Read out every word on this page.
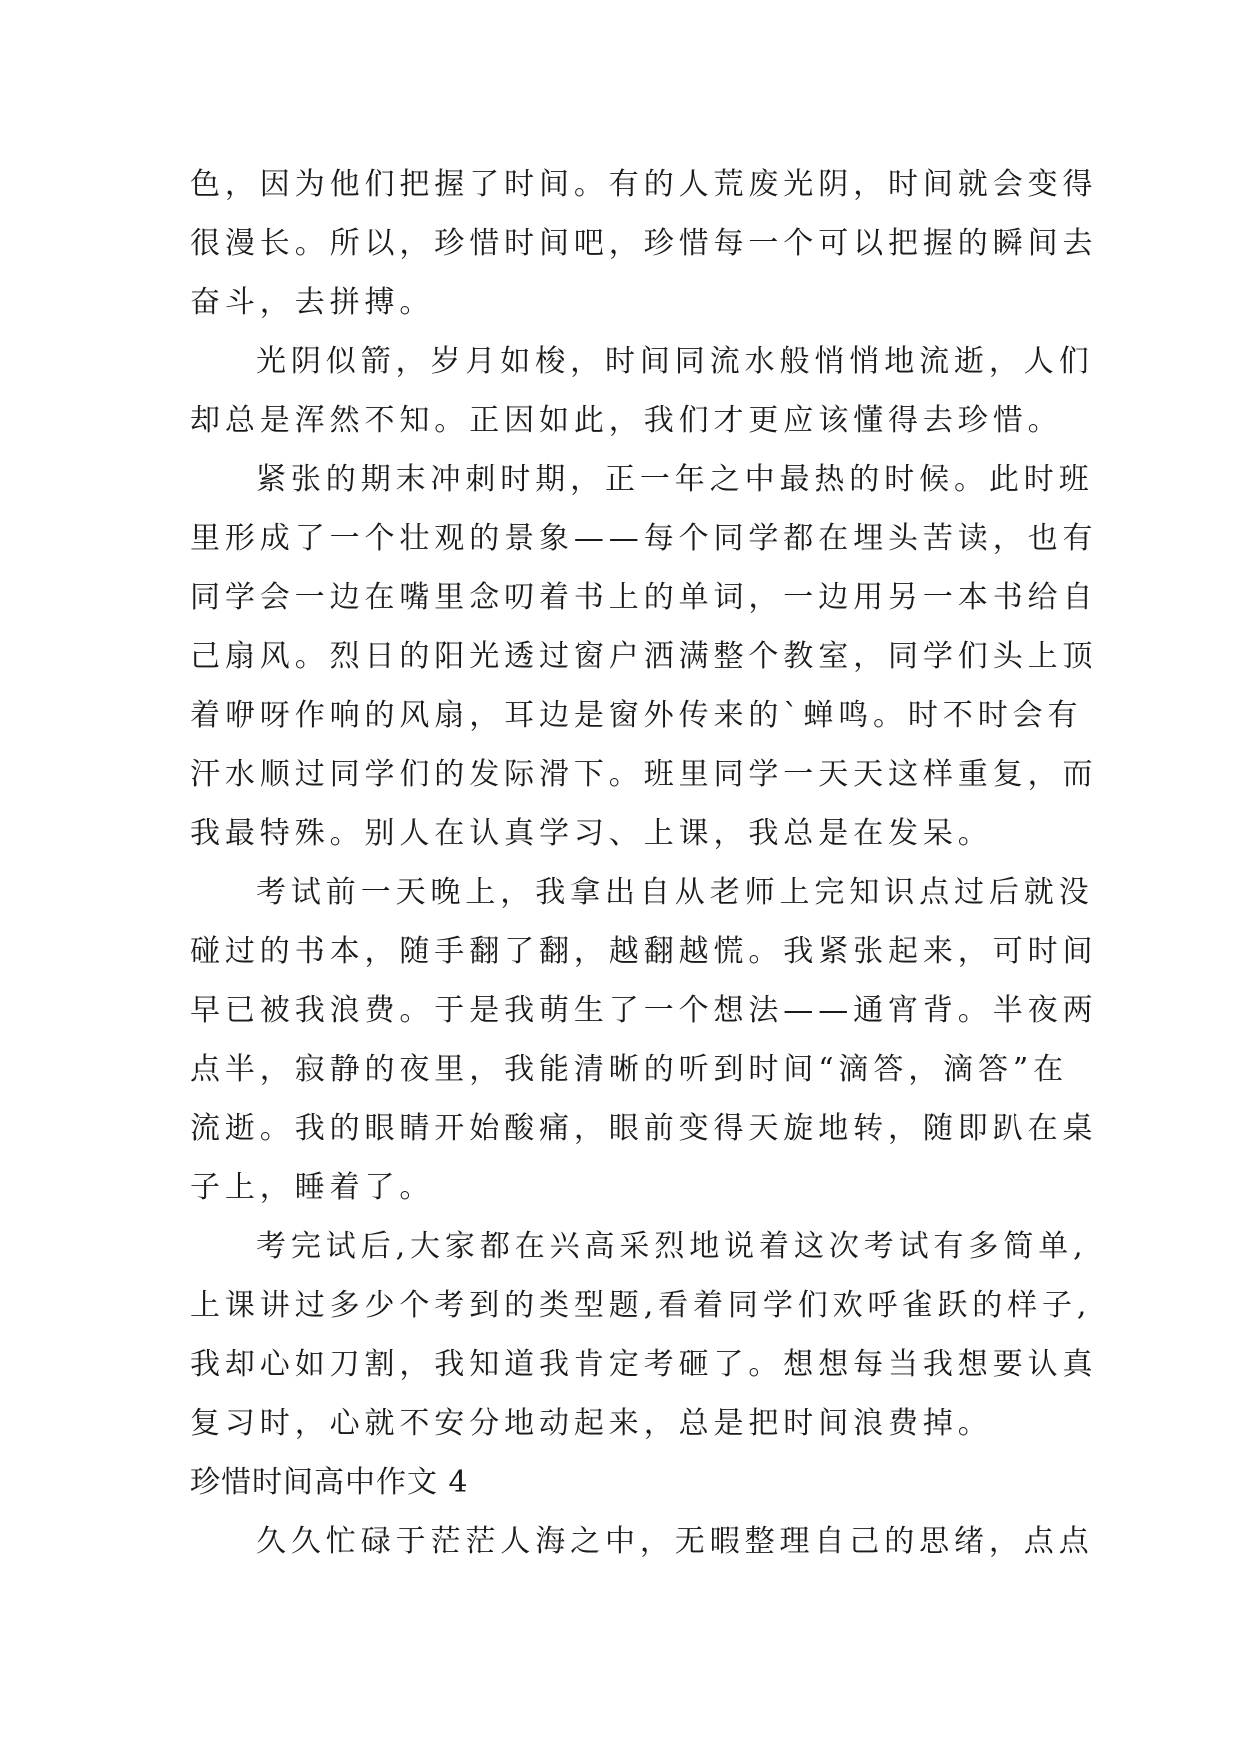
色，因为他们把握了时间。有的人荒废光阴，时间就会变得
很漫长。所以，珍惜时间吧，珍惜每一个可以把握的瞬间去
奋斗，去拼搏。
光阴似箭，岁月如梭，时间同流水般悄悄地流逝，人们
却总是浑然不知。正因如此，我们才更应该懂得去珍惜。
紧张的期末冲刺时期，正一年之中最热的时候。此时班
里形成了一个壮观的景象——每个同学都在埋头苦读，也有
同学会一边在嘴里念叨着书上的单词，一边用另一本书给自
己扇风。烈日的阳光透过窗户洒满整个教室，同学们头上顶
着咿呀作响的风扇，耳边是窗外传来的`蝉鸣。时不时会有
汗水顺过同学们的发际滑下。班里同学一天天这样重复，而
我最特殊。别人在认真学习、上课，我总是在发呆。
考试前一天晚上，我拿出自从老师上完知识点过后就没
碰过的书本，随手翻了翻，越翻越慌。我紧张起来，可时间
早已被我浪费。于是我萌生了一个想法——通宵背。半夜两
点半，寂静的夜里，我能清晰的听到时间“滴答，滴答”在
流逝。我的眼睛开始酸痛，眼前变得天旋地转，随即趴在桌
子上，睡着了。
考完试后,大家都在兴高采烈地说着这次考试有多简单,
上课讲过多少个考到的类型题,看着同学们欢呼雀跃的样子,
我却心如刀割，我知道我肯定考砸了。想想每当我想要认真
复习时，心就不安分地动起来，总是把时间浪费掉。
珍惜时间高中作文 4
久久忙碌于茫茫人海之中，无暇整理自己的思绪，点点
